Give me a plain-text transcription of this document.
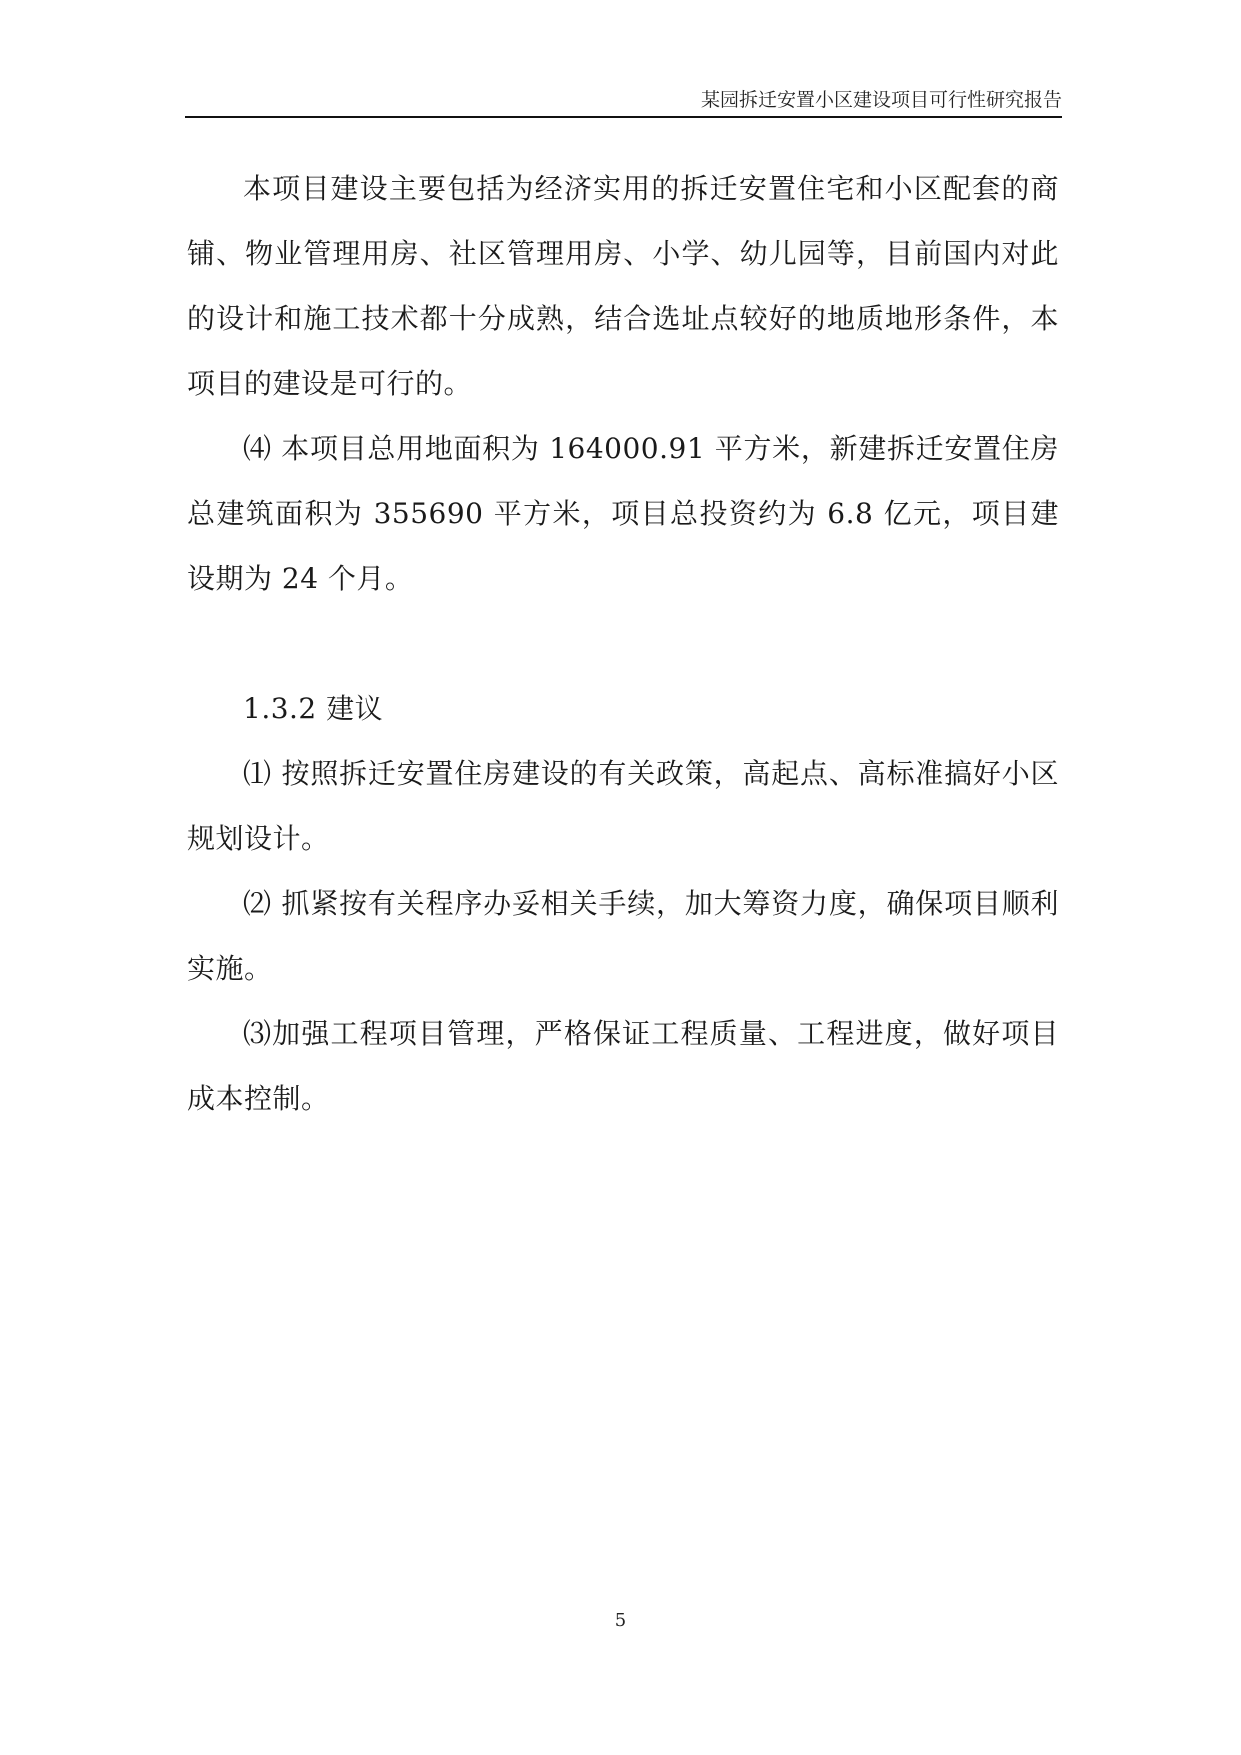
某园拆迁安置小区建设项目可行性研究报告

本项目建设主要包括为经济实用的拆迁安置住宅和小区配套的商铺、物业管理用房、社区管理用房、小学、幼儿园等，目前国内对此的设计和施工技术都十分成熟，结合选址点较好的地质地形条件，本项目的建设是可行的。

⑷ 本项目总用地面积为 164000.91 平方米，新建拆迁安置住房总建筑面积为 355690 平方米，项目总投资约为 6.8 亿元，项目建设期为 24 个月。

1.3.2 建议

⑴ 按照拆迁安置住房建设的有关政策，高起点、高标准搞好小区规划设计。

⑵ 抓紧按有关程序办妥相关手续，加大筹资力度，确保项目顺利实施。

⑶加强工程项目管理，严格保证工程质量、工程进度，做好项目成本控制。

5
